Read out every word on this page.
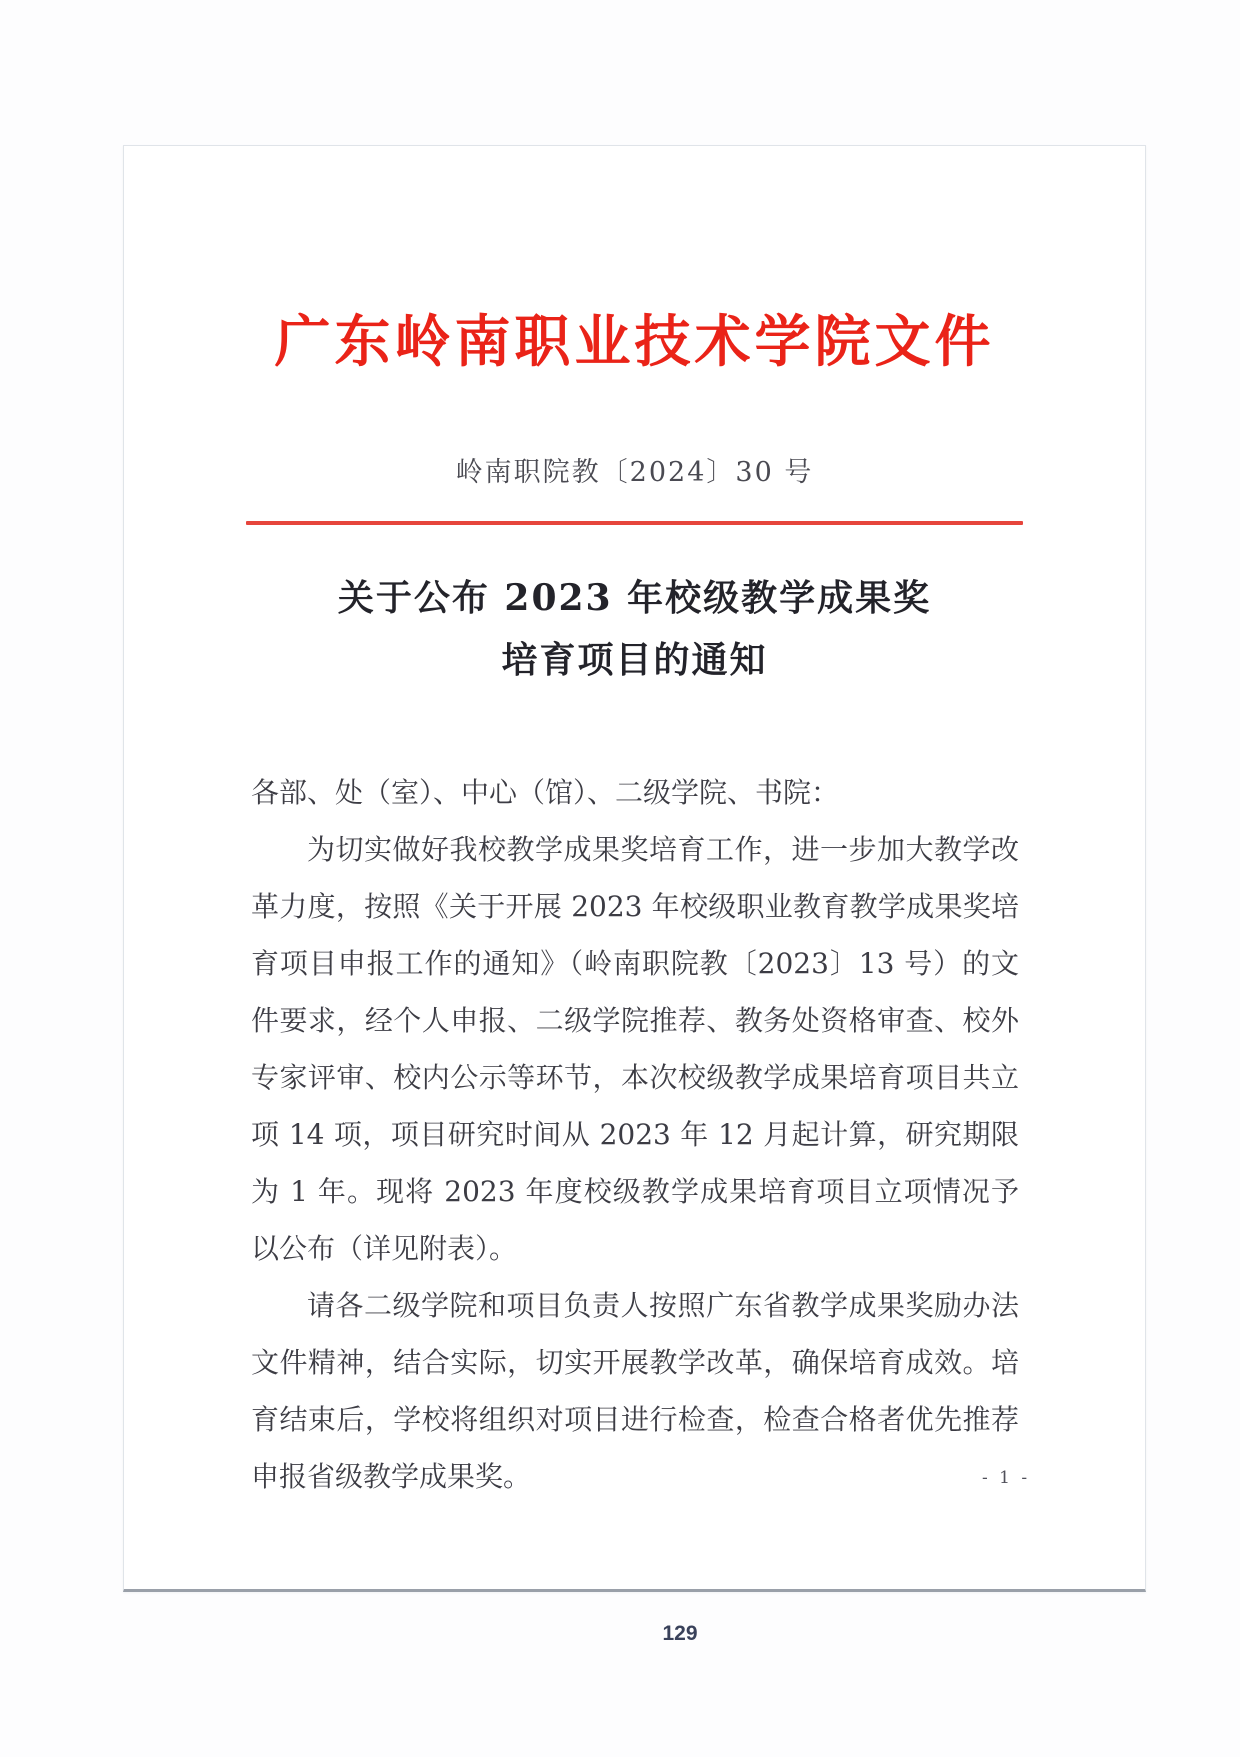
广东岭南职业技术学院文件
岭南职院教〔2024〕30 号
关于公布 2023 年校级教学成果奖
培育项目的通知

各部、处（室）、中心（馆）、二级学院、书院：

为切实做好我校教学成果奖培育工作，进一步加大教学改革力度，按照《关于开展 2023 年校级职业教育教学成果奖培育项目申报工作的通知》（岭南职院教〔2023〕13 号）的文件要求，经个人申报、二级学院推荐、教务处资格审查、校外专家评审、校内公示等环节，本次校级教学成果培育项目共立项 14 项，项目研究时间从 2023 年 12 月起计算，研究期限为 1 年。现将 2023 年度校级教学成果培育项目立项情况予以公布（详见附表）。

请各二级学院和项目负责人按照广东省教学成果奖励办法文件精神，结合实际，切实开展教学改革，确保培育成效。培育结束后，学校将组织对项目进行检查，检查合格者优先推荐申报省级教学成果奖。	- 1 -
129
